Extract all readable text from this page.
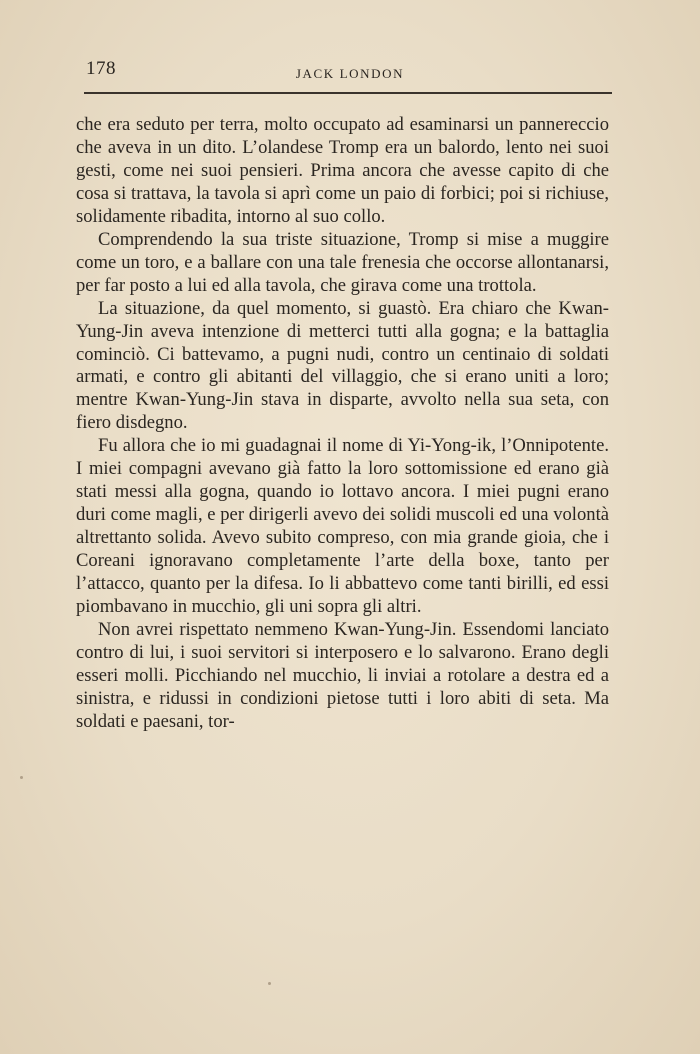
178	JACK LONDON

che era seduto per terra, molto occupato ad esaminarsi un pannereccio che aveva in un dito. L’olandese Tromp era un balordo, lento nei suoi gesti, come nei suoi pensieri. Prima ancora che avesse capito di che cosa si trattava, la tavola si aprì come un paio di forbici; poi si richiuse, solidamente ribadita, intorno al suo collo.

Comprendendo la sua triste situazione, Tromp si mise a muggire come un toro, e a ballare con una tale frenesia che occorse allontanarsi, per far posto a lui ed alla tavola, che girava come una trottola.

La situazione, da quel momento, si guastò. Era chiaro che Kwan-Yung-Jin aveva intenzione di metterci tutti alla gogna; e la battaglia cominciò. Ci battevamo, a pugni nudi, contro un centinaio di soldati armati, e contro gli abitanti del villaggio, che si erano uniti a loro; mentre Kwan-Yung-Jin stava in disparte, avvolto nella sua seta, con fiero disdegno.

Fu allora che io mi guadagnai il nome di Yi-Yong-ik, l’Onnipotente. I miei compagni avevano già fatto la loro sottomissione ed erano già stati messi alla gogna, quando io lottavo ancora. I miei pugni erano duri come magli, e per dirigerli avevo dei solidi muscoli ed una volontà altrettanto solida. Avevo subito compreso, con mia grande gioia, che i Coreani ignoravano completamente l’arte della boxe, tanto per l’attacco, quanto per la difesa. Io li abbattevo come tanti birilli, ed essi piombavano in mucchio, gli uni sopra gli altri.

Non avrei rispettato nemmeno Kwan-Yung-Jin. Essendomi lanciato contro di lui, i suoi servitori si interposero e lo salvarono. Erano degli esseri molli. Picchiando nel mucchio, li inviai a rotolare a destra ed a sinistra, e ridussi in condizioni pietose tutti i loro abiti di seta. Ma soldati e paesani, tor-
